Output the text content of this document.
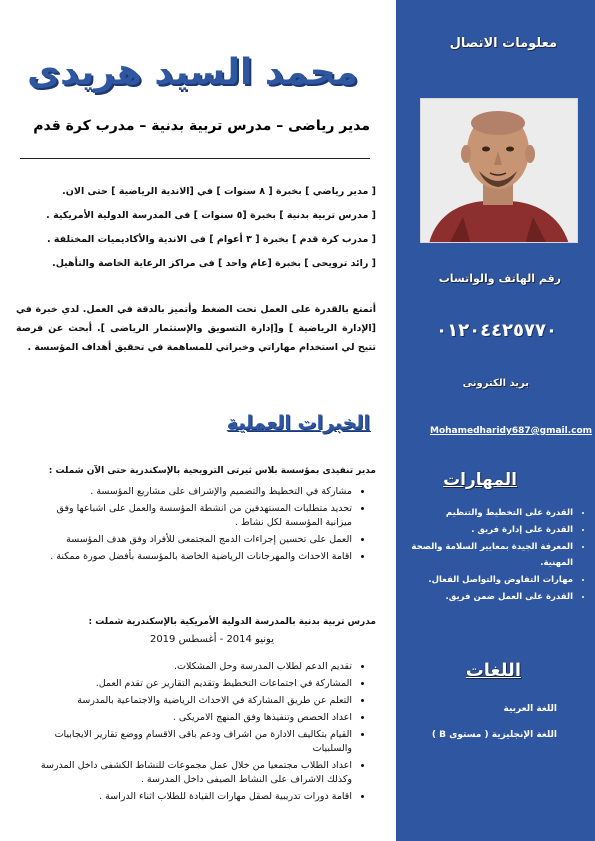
محمد السيد هريدى
مدير رياضى – مدرس تربية بدنية – مدرب كرة قدم
[ مدير رياضي ] بخبرة [ ٨ سنوات ] في [الاندية الرياضية ] حتى الان.
[ مدرس تربية بدنية ] بخبرة [٥ سنوات ] فى المدرسة الدولية الأمريكية .
[ مدرب كرة قدم ] بخبرة [ ٣ أعوام ] فى الاندية والأكاديميات المختلفة .
[ رائد ترويحى ] بخبرة [عام واحد ] فى مراكز الرعاية الخاصة والتأهيل.

أتمتع بالقدرة على العمل تحت الضغط وأتميز بالدقة في العمل. لدي خبرة في [الإدارة الرياضية ] و[إدارة التسويق والإستثمار الرياضى ]. أبحث عن فرصة تتيح لي استخدام مهاراتي وخبراتي للمساهمة في تحقيق أهداف المؤسسة .

الخبرات العملية
مدير تنفيذى بمؤسسة بلاس ثيرتى الترويحية بالإسكندرية حتى الآن شملت :
• مشاركة في التخطيط والتصميم والإشراف على مشاريع المؤسسة .
• تحديد متطلبات المستهدفين من انشطة المؤسسة والعمل على اشباعها وفق ميزانية المؤسسة لكل نشاط .
• العمل على تحسين إجراءات الدمج المجتمعى للأفراد وفق هدف المؤسسة
• اقامة الاحداث والمهرجانات الرياضية الخاصة بالمؤسسة بأفضل صورة ممكنة .
مدرس تربية بدنية بالمدرسة الدولية الأمريكية بالإسكندرية شملت :
يونيو 2014 - أغسطس 2019
• تقديم الدعم لطلاب المدرسة وحل المشكلات.
• المشاركة في اجتماعات التخطيط وتقديم التقارير عن تقدم العمل.
• التعلم عن طريق المشاركة في الاحداث الرياضية والاجتماعية بالمدرسة
• اعداد الحصص وتنفيذها وفق المنهج الامريكى .
• القيام بتكاليف الادارة من اشراف ودعم باقى الاقسام ووضع تقارير الايجابيات والسلبيات
• اعداد الطلاب مجتمعيا من خلال عمل مجموعات للنشاط الكشفى داخل المدرسة وكذلك الاشراف على النشاط الصيفى داخل المدرسة .
• اقامة دورات تدريبية لصقل مهارات القيادة للطلاب اثناء الدراسة .
معلومات الاتصال
رقم الهاتف والواتساب
٠١٢٠٤٤٢٥٧٧٠
بريد الكترونى
Mohamedharidy687@gmail.com
المهارات
• القدرة على التخطيط والتنظيم
• القدرة على إدارة فريق .
• المعرفة الجيدة بمعايير السلامة والصحة المهنية.
• مهارات التفاوض والتواصل الفعال.
• القدرة على العمل ضمن فريق.
اللغات
اللغة العربية
اللغة الإنجليزية ( مستوى B )
